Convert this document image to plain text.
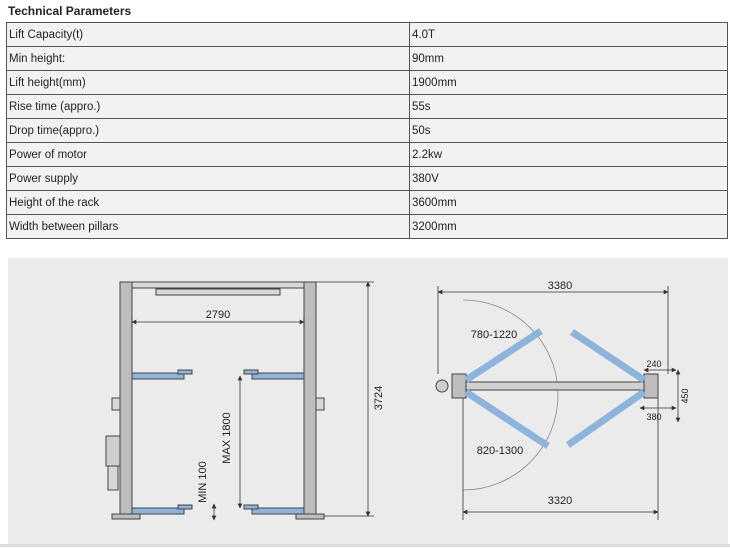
Technical Parameters
Lift Capacity(t)	4.0T
Min height:	90mm
Lift height(mm)	1900mm
Rise time (appro.)	55s
Drop time(appro.)	50s
Power of motor	2.2kw
Power supply	380V
Height of the rack	3600mm
Width between pillars	3200mm
2790
3724
MAX 1800
MIN 100
3380
3320
780-1220
820-1300
240
380
450
